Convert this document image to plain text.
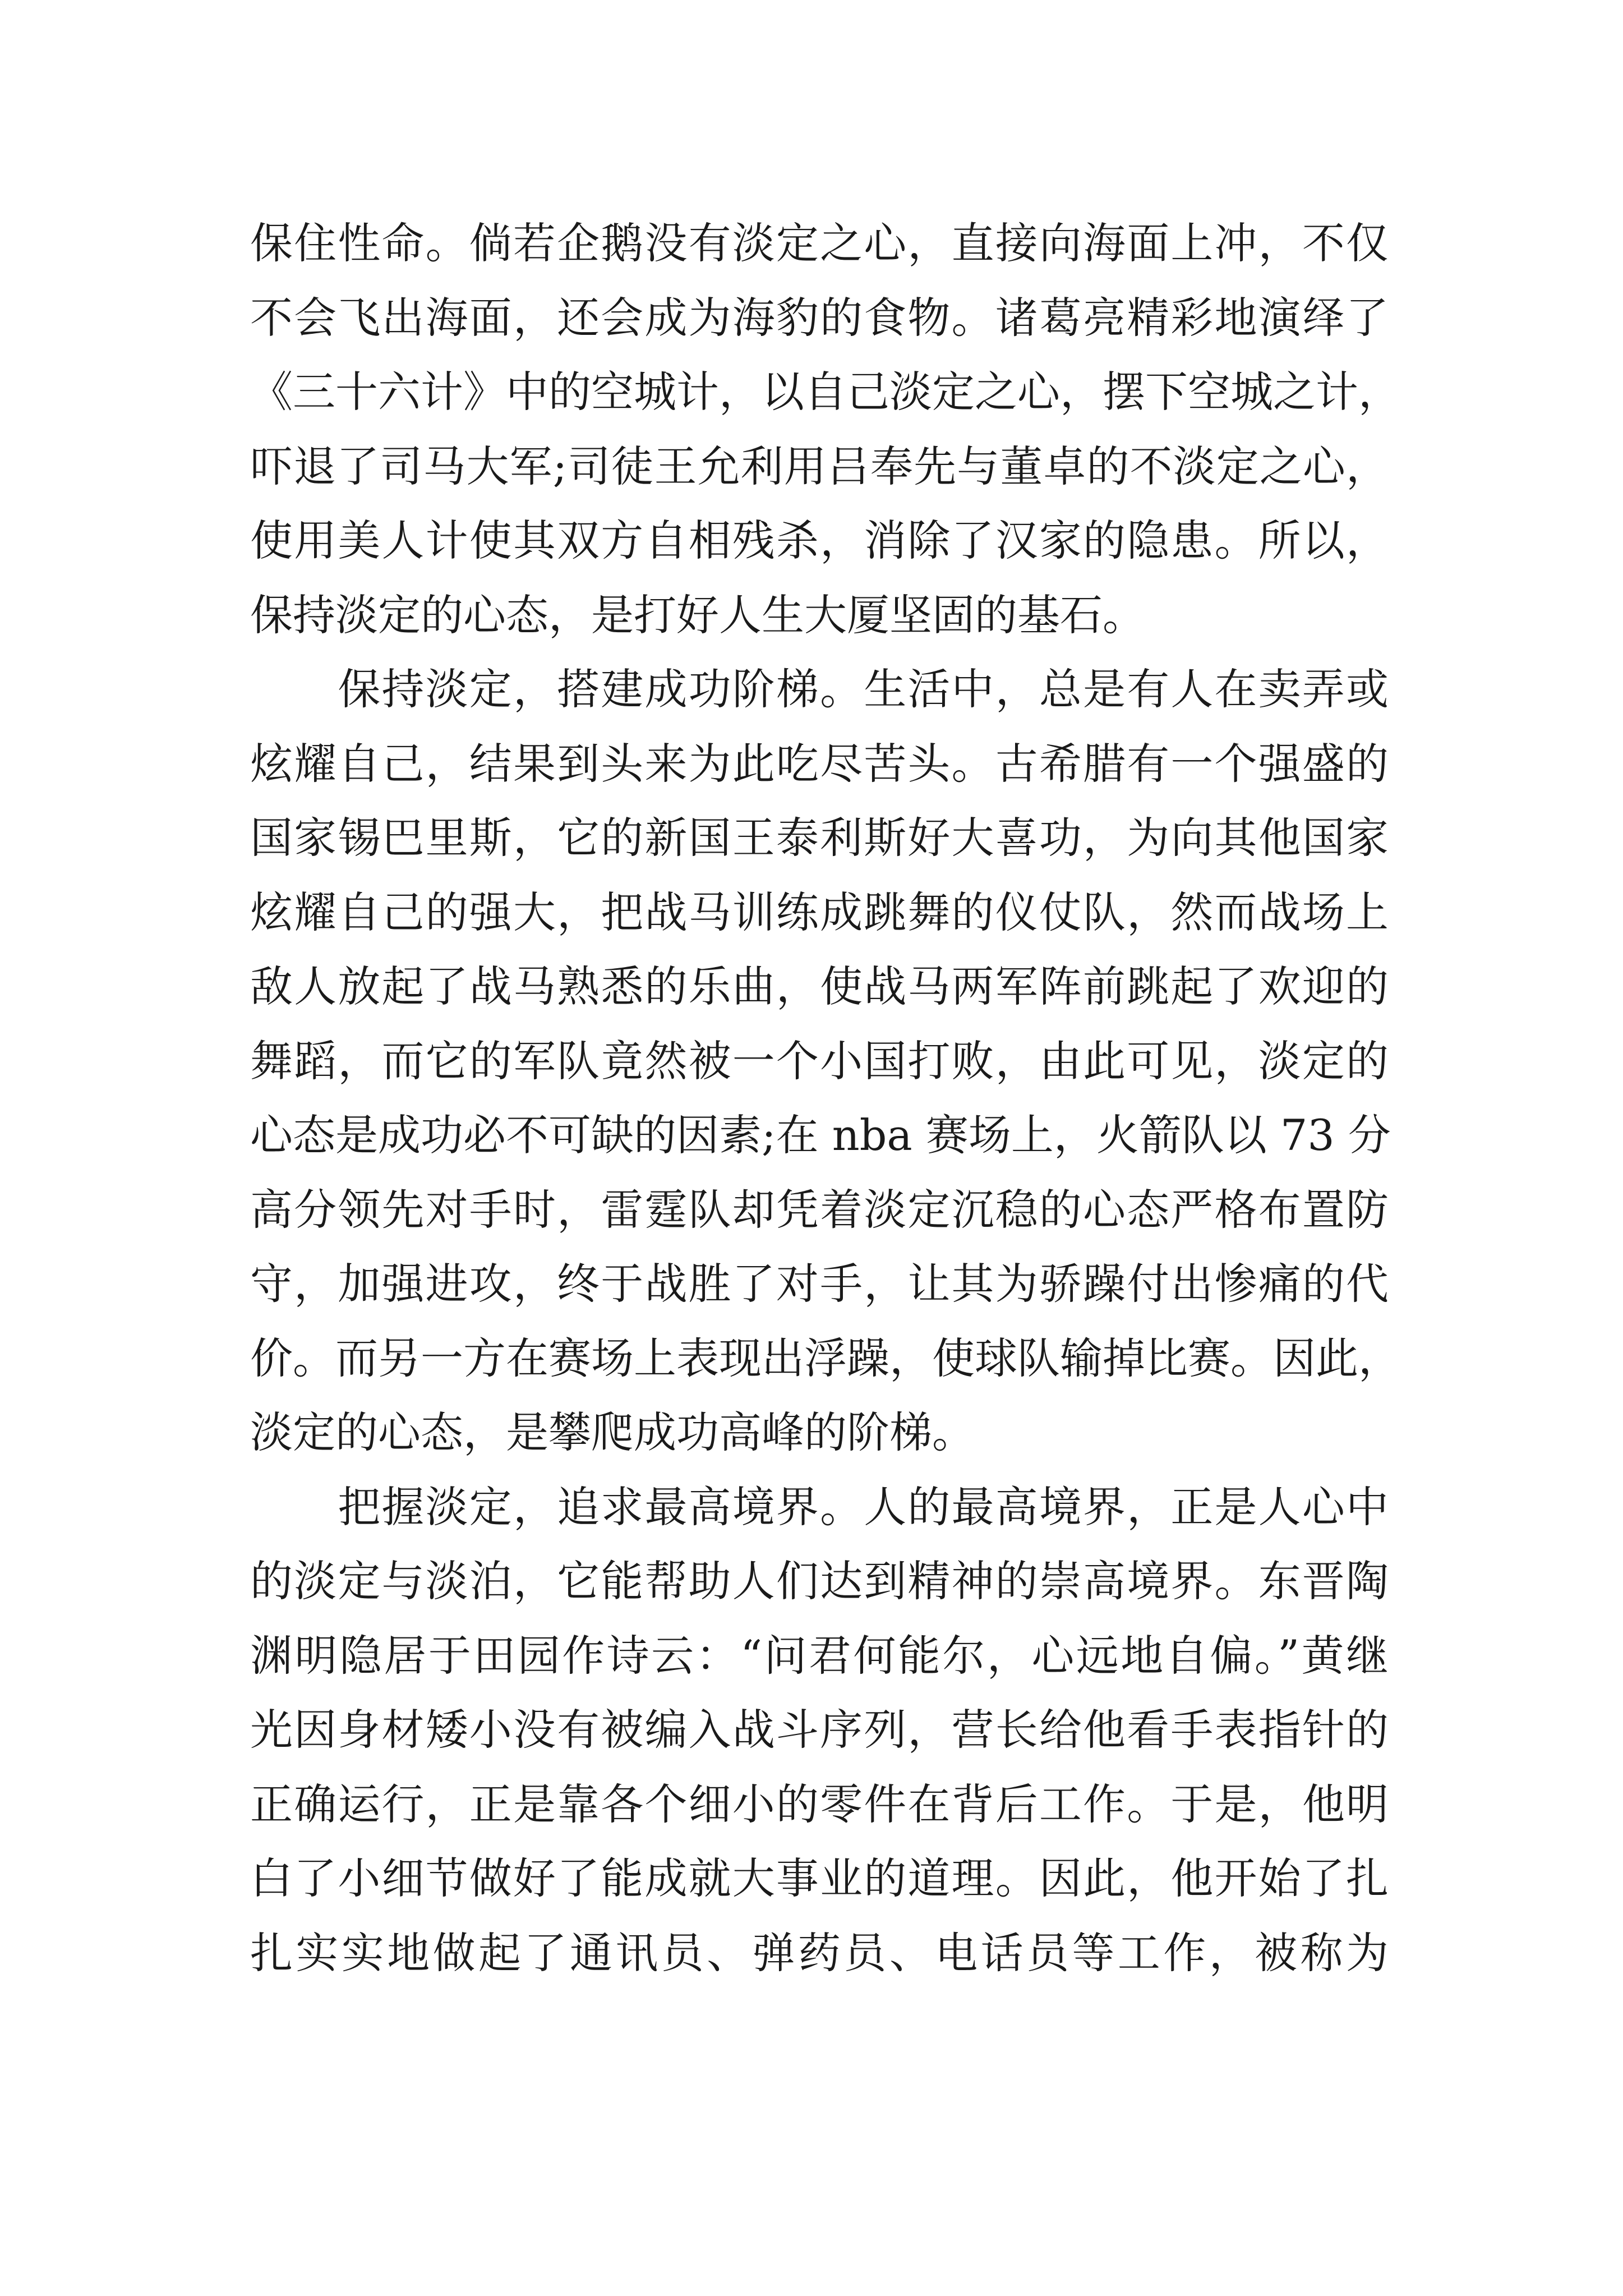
保住性命。倘若企鹅没有淡定之心，直接向海面上冲，不仅
不会飞出海面，还会成为海豹的食物。诸葛亮精彩地演绎了
《三十六计》中的空城计，以自己淡定之心，摆下空城之计，
吓退了司马大军;司徒王允利用吕奉先与董卓的不淡定之心，
使用美人计使其双方自相残杀，消除了汉家的隐患。所以，
保持淡定的心态，是打好人生大厦坚固的基石。
　　保持淡定，搭建成功阶梯。生活中，总是有人在卖弄或
炫耀自己，结果到头来为此吃尽苦头。古希腊有一个强盛的
国家锡巴里斯，它的新国王泰利斯好大喜功，为向其他国家
炫耀自己的强大，把战马训练成跳舞的仪仗队，然而战场上
敌人放起了战马熟悉的乐曲，使战马两军阵前跳起了欢迎的
舞蹈，而它的军队竟然被一个小国打败，由此可见，淡定的
心态是成功必不可缺的因素;在 nba 赛场上，火箭队以 73 分
高分领先对手时，雷霆队却凭着淡定沉稳的心态严格布置防
守，加强进攻，终于战胜了对手，让其为骄躁付出惨痛的代
价。而另一方在赛场上表现出浮躁，使球队输掉比赛。因此，
淡定的心态，是攀爬成功高峰的阶梯。
　　把握淡定，追求最高境界。人的最高境界，正是人心中
的淡定与淡泊，它能帮助人们达到精神的崇高境界。东晋陶
渊明隐居于田园作诗云：“问君何能尔，心远地自偏。”黄继
光因身材矮小没有被编入战斗序列，营长给他看手表指针的
正确运行，正是靠各个细小的零件在背后工作。于是，他明
白了小细节做好了能成就大事业的道理。因此，他开始了扎
扎实实地做起了通讯员、弹药员、电话员等工作，被称为
